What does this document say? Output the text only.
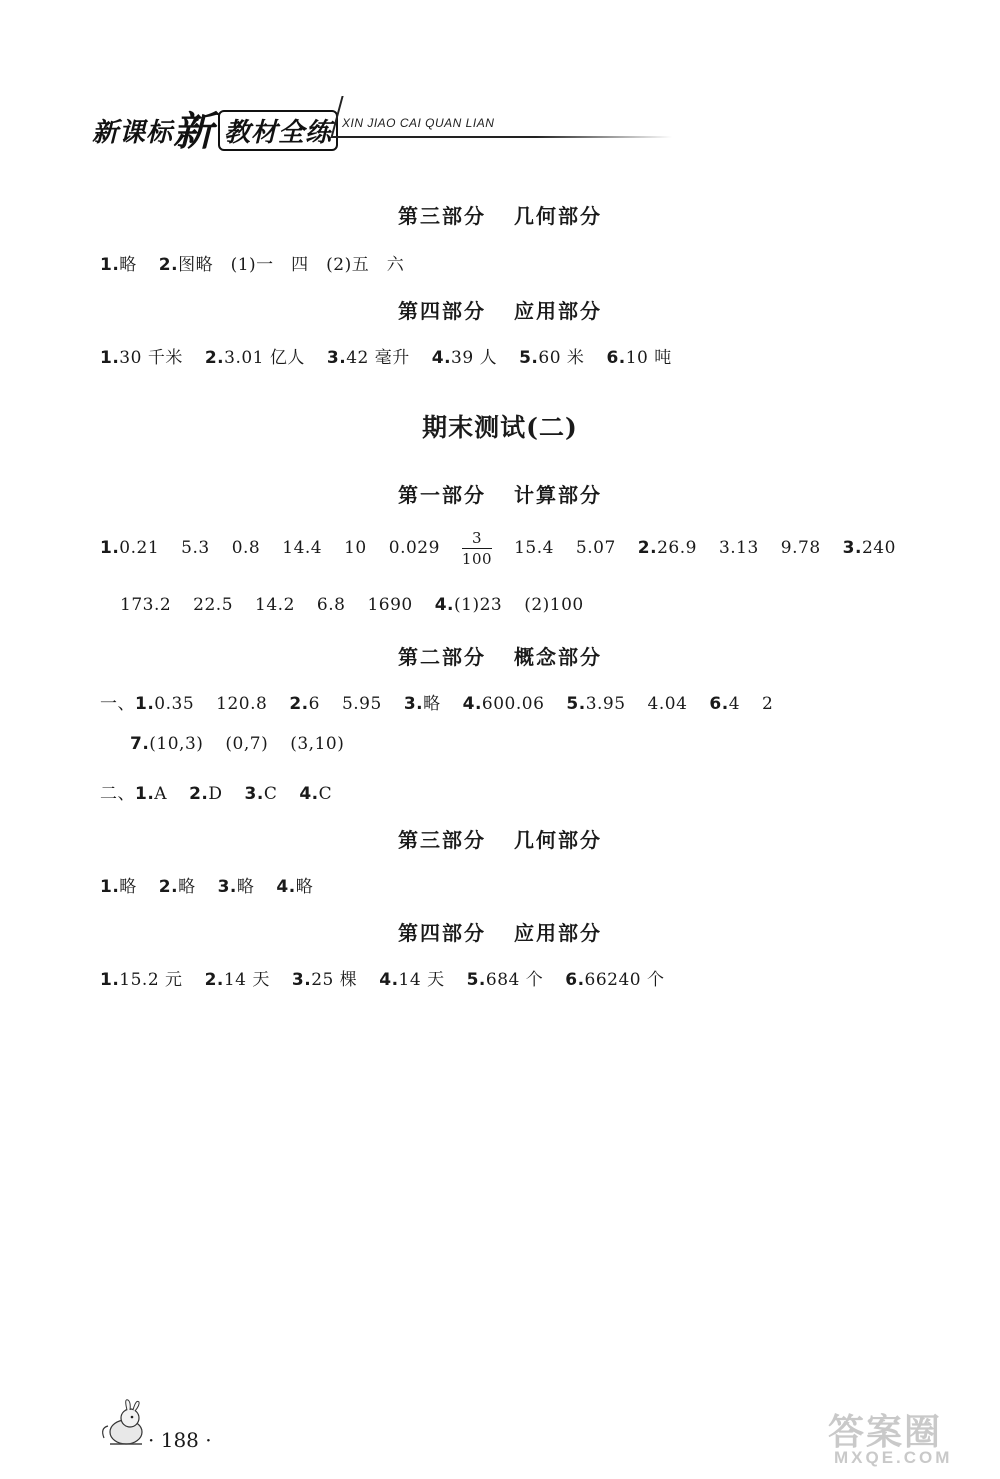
新课标新 教材全练 XIN JIAO CAI QUAN LIAN
第三部分 几何部分
1.略 2.图略　(1)一　四　(2)五　六
第四部分 应用部分
1.30 千米 2.3.01 亿人 3.42 毫升 4.39 人 5.60 米 6.10 吨
期末测试(二)
第一部分 计算部分
1.0.21 5.3 0.8 14.4 10 $0.029 \frac{3}{100} 15.4$ 5.07 2.26.9 3.13 9.78 3.240
173.2 22.5 14.2 6.8 1690 4.(1)23 (2)100
第二部分 概念部分
一、1.0.35 120.8 2.6 5.95 3.略 4.600.06 5.3.95 4.04 6.4 2
7.(10,3) (0,7) (3,10)
二、1.A 2.D 3.C 4.C
第三部分 几何部分
1.略 2.略 3.略 4.略
第四部分 应用部分
1.15.2 元 2.14 天 3.25 棵 4.14 天 5.684 个 6.66240 个
· 188 ·	答案圈
MXQE.COM
